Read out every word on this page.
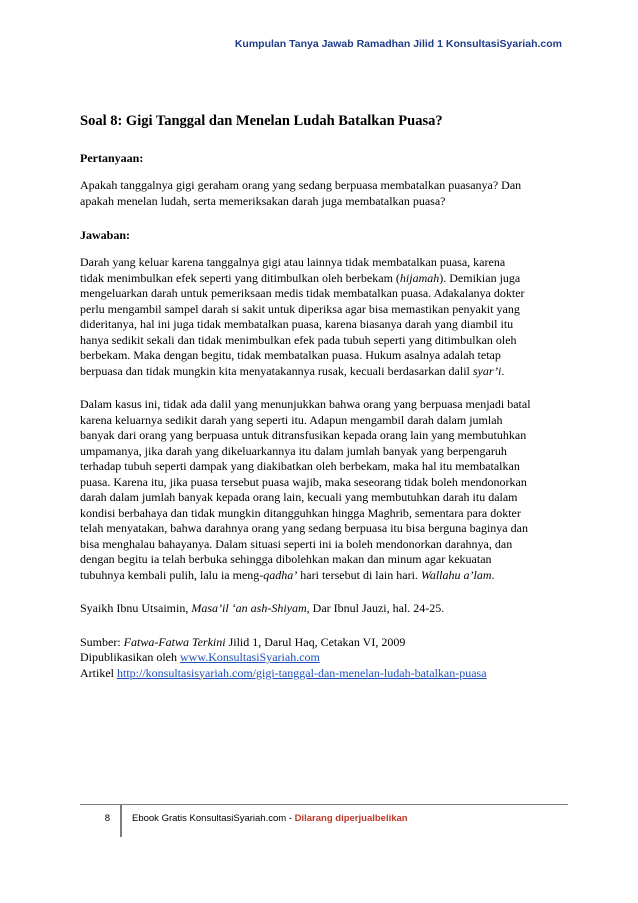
Kumpulan Tanya Jawab Ramadhan Jilid 1 KonsultasiSyariah.com
Soal 8: Gigi Tanggal dan Menelan Ludah Batalkan Puasa?
Pertanyaan:

Apakah tanggalnya gigi geraham orang yang sedang berpuasa membatalkan puasanya? Dan
apakah menelan ludah, serta memeriksakan darah juga membatalkan puasa?

Jawaban:

Darah yang keluar karena tanggalnya gigi atau lainnya tidak membatalkan puasa, karena
tidak menimbulkan efek seperti yang ditimbulkan oleh berbekam (hijamah). Demikian juga
mengeluarkan darah untuk pemeriksaan medis tidak membatalkan puasa. Adakalanya dokter
perlu mengambil sampel darah si sakit untuk diperiksa agar bisa memastikan penyakit yang
dideritanya, hal ini juga tidak membatalkan puasa, karena biasanya darah yang diambil itu
hanya sedikit sekali dan tidak menimbulkan efek pada tubuh seperti yang ditimbulkan oleh
berbekam. Maka dengan begitu, tidak membatalkan puasa. Hukum asalnya adalah tetap
berpuasa dan tidak mungkin kita menyatakannya rusak, kecuali berdasarkan dalil syar’i.

Dalam kasus ini, tidak ada dalil yang menunjukkan bahwa orang yang berpuasa menjadi batal
karena keluarnya sedikit darah yang seperti itu. Adapun mengambil darah dalam jumlah
banyak dari orang yang berpuasa untuk ditransfusikan kepada orang lain yang membutuhkan
umpamanya, jika darah yang dikeluarkannya itu dalam jumlah banyak yang berpengaruh
terhadap tubuh seperti dampak yang diakibatkan oleh berbekam, maka hal itu membatalkan
puasa. Karena itu, jika puasa tersebut puasa wajib, maka seseorang tidak boleh mendonorkan
darah dalam jumlah banyak kepada orang lain, kecuali yang membutuhkan darah itu dalam
kondisi berbahaya dan tidak mungkin ditangguhkan hingga Maghrib, sementara para dokter
telah menyatakan, bahwa darahnya orang yang sedang berpuasa itu bisa berguna baginya dan
bisa menghalau bahayanya. Dalam situasi seperti ini ia boleh mendonorkan darahnya, dan
dengan begitu ia telah berbuka sehingga dibolehkan makan dan minum agar kekuatan
tubuhnya kembali pulih, lalu ia meng-qadha’ hari tersebut di lain hari. Wallahu a’lam.

Syaikh Ibnu Utsaimin, Masa’il ‘an ash-Shiyam, Dar Ibnul Jauzi, hal. 24-25.

Sumber: Fatwa-Fatwa Terkini Jilid 1, Darul Haq, Cetakan VI, 2009

Dipublikasikan oleh www.KonsultasiSyariah.com

Artikel http://konsultasisyariah.com/gigi-tanggal-dan-menelan-ludah-batalkan-puasa

8	Ebook Gratis KonsultasiSyariah.com - Dilarang diperjualbelikan
